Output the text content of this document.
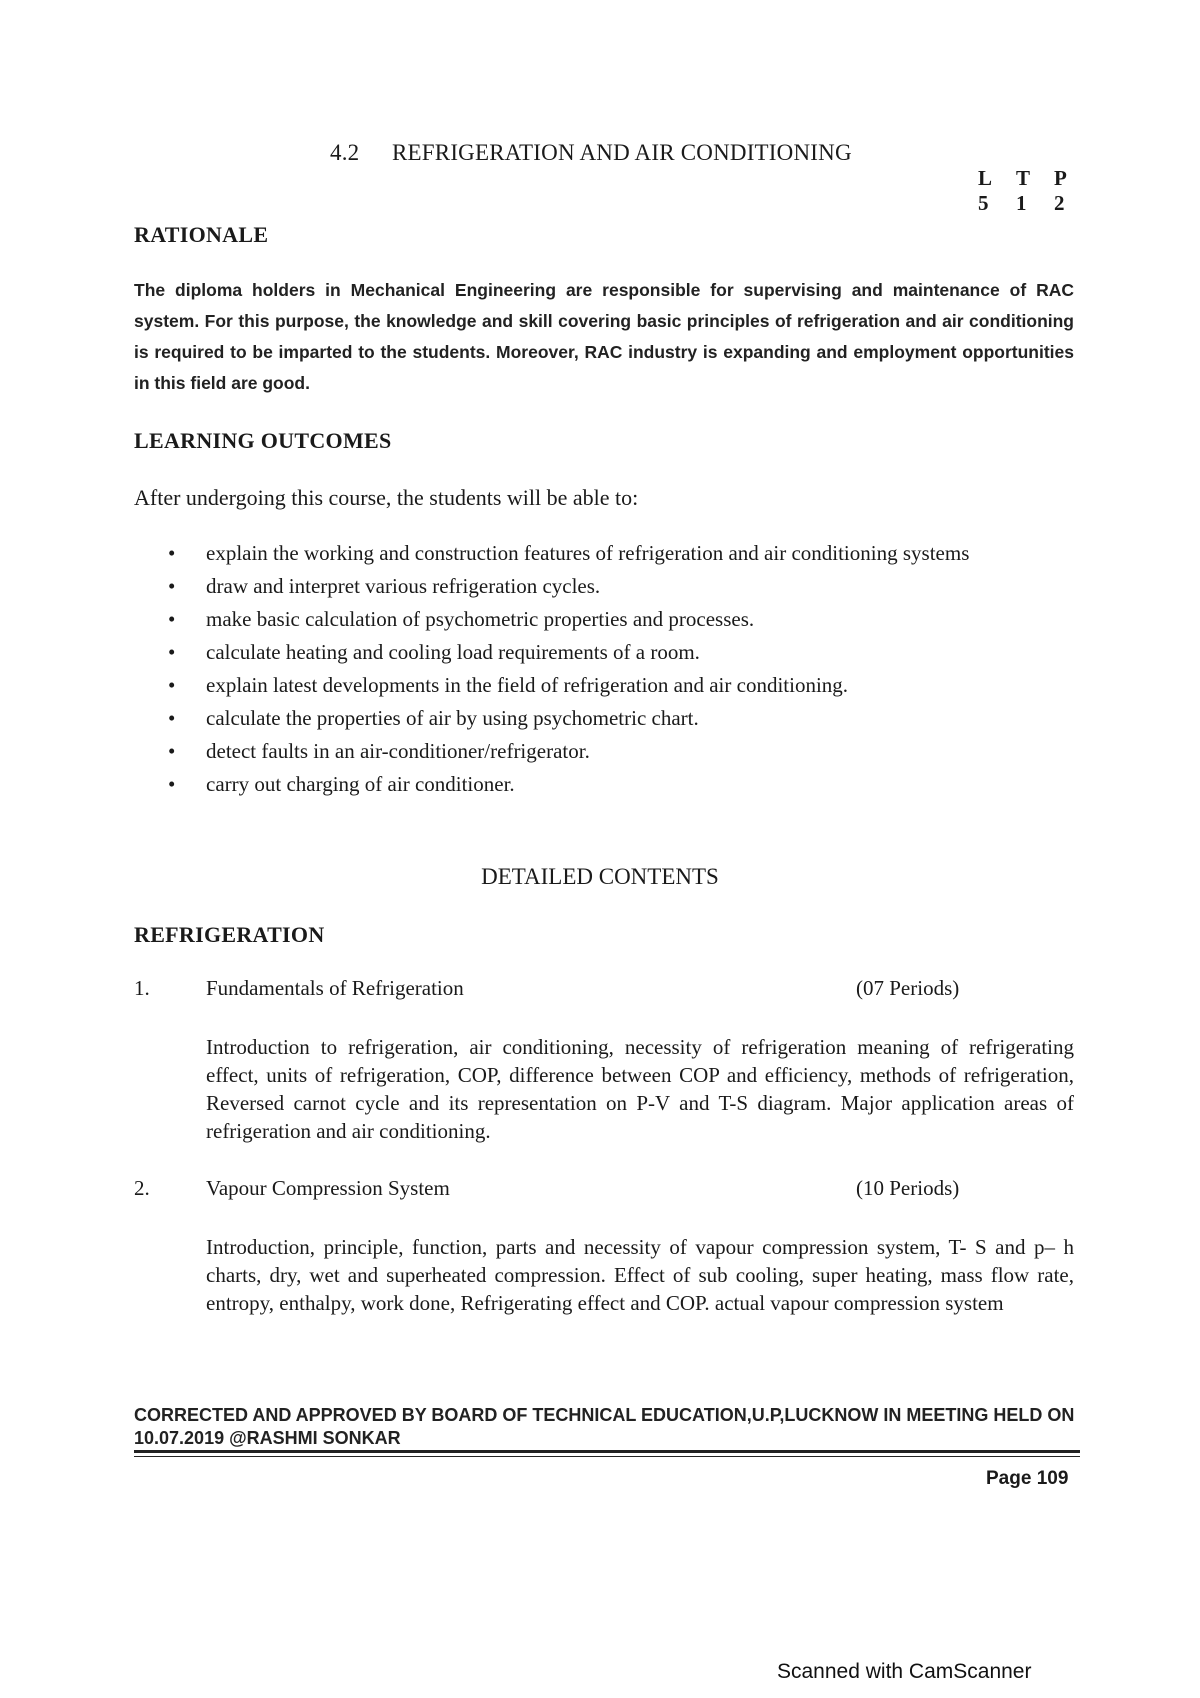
4.2 REFRIGERATION AND AIR CONDITIONING
L	T	P
5	1	2
RATIONALE
The diploma holders in Mechanical Engineering are responsible for supervising and maintenance of RAC system. For this purpose, the knowledge and skill covering basic principles of refrigeration and air conditioning is required to be imparted to the students. Moreover, RAC industry is expanding and employment opportunities in this field are good.
LEARNING OUTCOMES
After undergoing this course, the students will be able to:
• explain the working and construction features of refrigeration and air conditioning systems
• draw and interpret various refrigeration cycles.
• make basic calculation of psychometric properties and processes.
• calculate heating and cooling load requirements of a room.
• explain latest developments in the field of refrigeration and air conditioning.
• calculate the properties of air by using psychometric chart.
• detect faults in an air-conditioner/refrigerator.
• carry out charging of air conditioner.
DETAILED CONTENTS
REFRIGERATION
1.	Fundamentals of Refrigeration	(07 Periods)
Introduction to refrigeration, air conditioning, necessity of refrigeration meaning of refrigerating effect, units of refrigeration, COP, difference between COP and efficiency, methods of refrigeration, Reversed carnot cycle and its representation on P-V and T-S diagram. Major application areas of refrigeration and air conditioning.
2.	Vapour Compression System	(10 Periods)
Introduction, principle, function, parts and necessity of vapour compression system, T- S and p– h charts, dry, wet and superheated compression. Effect of sub cooling, super heating, mass flow rate, entropy, enthalpy, work done, Refrigerating effect and COP. actual vapour compression system
CORRECTED AND APPROVED BY BOARD OF TECHNICAL EDUCATION,U.P,LUCKNOW IN MEETING HELD ON 10.07.2019 @RASHMI SONKAR
Page 109
Scanned with CamScanner
